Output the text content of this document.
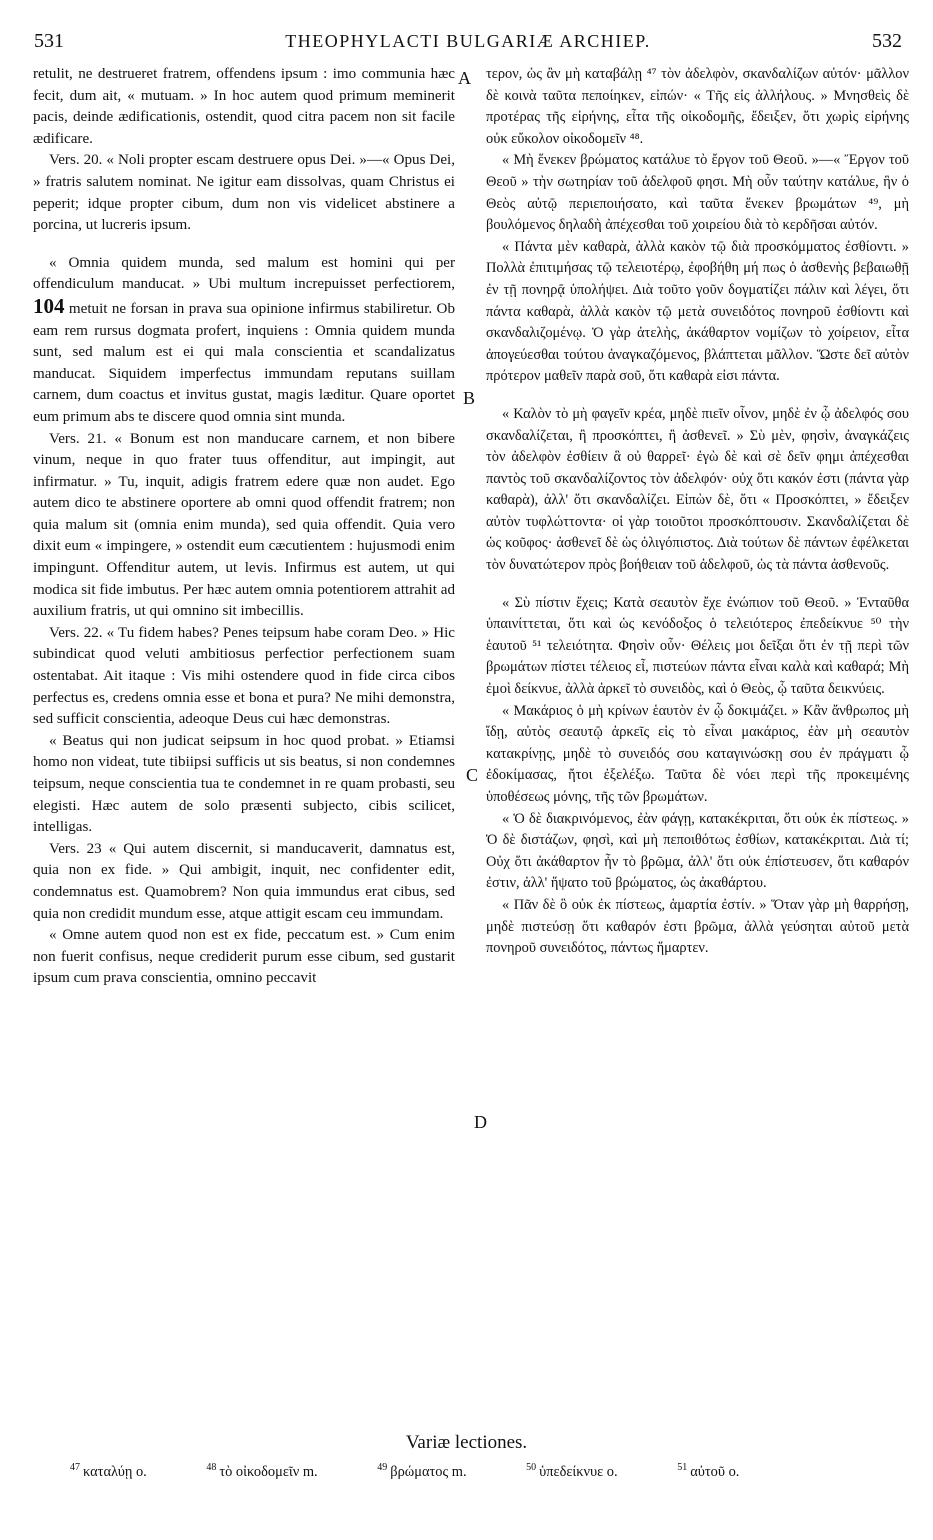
531	THEOPHYLACTI BULGARIÆ ARCHIEP.	532

retulit, ne destrueret fratrem, offendens ipsum : imo communia hæc fecit, dum ait, « mutuam. » In hoc autem quod primum meminerit pacis, deinde ædificationis, ostendit, quod citra pacem non sit facile ædificare.

Vers. 20. « Noli propter escam destruere opus Dei. »—« Opus Dei, » fratris salutem nominat. Ne igitur eam dissolvas, quam Christus ei peperit; idque propter cibum, dum non vis videlicet abstinere a porcina, ut lucreris ipsum.

« Omnia quidem munda, sed malum est homini qui per offendiculum manducat. » Ubi multum increpuisset perfectiorem, 104 metuit ne forsan in prava sua opinione infirmus stabiliretur. Ob eam rem rursus dogmata profert, inquiens : Omnia quidem munda sunt, sed malum est ei qui mala conscientia et scandalizatus manducat. Siquidem imperfectus immundam reputans suillam carnem, dum coactus et invitus gustat, magis læditur. Quare oportet eum primum abs te discere quod omnia sint munda.

Vers. 21. « Bonum est non manducare carnem, et non bibere vinum, neque in quo frater tuus offenditur, aut impingit, aut infirmatur. » Tu, inquit, adigis fratrem edere quæ non audet. Ego autem dico te abstinere oportere ab omni quod offendit fratrem; non quia malum sit (omnia enim munda), sed quia offendit. Quia vero dixit eum « impingere, » ostendit eum cæcutientem : hujusmodi enim impingunt. Offenditur autem, ut levis. Infirmus est autem, ut qui modica sit fide imbutus. Per hæc autem omnia potentiorem attrahit ad auxilium fratris, ut qui omnino sit imbecillis.

Vers. 22. « Tu fidem habes? Penes teipsum habe coram Deo. » Hic subindicat quod veluti ambitiosus perfectior perfectionem suam ostentabat. Ait itaque : Vis mihi ostendere quod in fide circa cibos perfectus es, credens omnia esse et bona et pura? Ne mihi demonstra, sed sufficit conscientia, adeoque Deus cui hæc demonstras.

« Beatus qui non judicat seipsum in hoc quod probat. » Etiamsi homo non videat, tute tibiipsi sufficis ut sis beatus, si non condemnes teipsum, neque conscientia tua te condemnet in re quam probasti, seu elegisti. Hæc autem de solo præsenti subjecto, cibis scilicet, intelligas.

Vers. 23 « Qui autem discernit, si manducaverit, damnatus est, quia non ex fide. » Qui ambigit, inquit, nec confidenter edit, condemnatus est. Quamobrem? Non quia immundus erat cibus, sed quia non credidit mundum esse, atque attigit escam ceu immundam.

« Omne autem quod non est ex fide, peccatum est. » Cum enim non fuerit confisus, neque crediderit purum esse cibum, sed gustarit ipsum cum prava conscientia, omnino peccavit

A
B
C
D

τερον, ὡς ἂν μὴ καταβάλῃ ⁴⁷ τὸν ἀδελφὸν, σκανδαλίζων αὐτόν· μᾶλλον δὲ κοινὰ ταῦτα πεποίηκεν, εἰπών· « Τῆς εἰς ἀλλήλους. » Μνησθεὶς δὲ προτέρας τῆς εἰρήνης, εἶτα τῆς οἰκοδομῆς, ἔδειξεν, ὅτι χωρὶς εἰρήνης οὐκ εὔκολον οἰκοδομεῖν ⁴⁸.

« Μὴ ἕνεκεν βρώματος κατάλυε τὸ ἔργον τοῦ Θεοῦ. »—« Ἔργον τοῦ Θεοῦ » τὴν σωτηρίαν τοῦ ἀδελφοῦ φησι. Μὴ οὖν ταύτην κατάλυε, ἣν ὁ Θεὸς αὐτῷ περιεποιήσατο, καὶ ταῦτα ἕνεκεν βρωμάτων ⁴⁹, μὴ βουλόμενος δηλαδὴ ἀπέχεσθαι τοῦ χοιρείου διὰ τὸ κερδῆσαι αὐτόν.

« Πάντα μὲν καθαρὰ, ἀλλὰ κακὸν τῷ διὰ προσκόμματος ἐσθίοντι. » Πολλὰ ἐπιτιμήσας τῷ τελειοτέρῳ, ἐφοβήθη μή πως ὁ ἀσθενὴς βεβαιωθῇ ἐν τῇ πονηρᾷ ὑπολήψει. Διὰ τοῦτο γοῦν δογματίζει πάλιν καὶ λέγει, ὅτι πάντα καθαρὰ, ἀλλὰ κακὸν τῷ μετὰ συνειδότος πονηροῦ ἐσθίοντι καὶ σκανδαλιζομένῳ. Ὁ γὰρ ἀτελὴς, ἀκάθαρτον νομίζων τὸ χοίρειον, εἶτα ἀπογεύεσθαι τούτου ἀναγκαζόμενος, βλάπτεται μᾶλλον. Ὥστε δεῖ αὐτὸν πρότερον μαθεῖν παρὰ σοῦ, ὅτι καθαρὰ εἰσι πάντα.

« Καλὸν τὸ μὴ φαγεῖν κρέα, μηδὲ πιεῖν οἶνον, μηδὲ ἐν ᾧ ἀδελφός σου σκανδαλίζεται, ἢ προσκόπτει, ἢ ἀσθενεῖ. » Σὺ μὲν, φησὶν, ἀναγκάζεις τὸν ἀδελφὸν ἐσθίειν ἃ οὐ θαρρεῖ· ἐγὼ δὲ καὶ σὲ δεῖν φημι ἀπέχεσθαι παντὸς τοῦ σκανδαλίζοντος τὸν ἀδελφόν· οὐχ ὅτι κακόν ἐστι (πάντα γὰρ καθαρὰ), ἀλλ' ὅτι σκανδαλίζει. Εἰπὼν δὲ, ὅτι « Προσκόπτει, » ἔδειξεν αὐτὸν τυφλώττοντα· οἱ γὰρ τοιοῦτοι προσκόπτουσιν. Σκανδαλίζεται δὲ ὡς κοῦφος· ἀσθενεῖ δὲ ὡς ὀλιγόπιστος. Διὰ τούτων δὲ πάντων ἐφέλκεται τὸν δυνατώτερον πρὸς βοήθειαν τοῦ ἀδελφοῦ, ὡς τὰ πάντα ἀσθενοῦς.

« Σὺ πίστιν ἔχεις; Κατὰ σεαυτὸν ἔχε ἐνώπιον τοῦ Θεοῦ. » Ἐνταῦθα ὑπαινίττεται, ὅτι καὶ ὡς κενόδοξος ὁ τελειότερος ἐπεδείκνυε ⁵⁰ τὴν ἑαυτοῦ ⁵¹ τελειότητα. Φησὶν οὖν· Θέλεις μοι δεῖξαι ὅτι ἐν τῇ περὶ τῶν βρωμάτων πίστει τέλειος εἶ, πιστεύων πάντα εἶναι καλὰ καὶ καθαρά; Μὴ ἐμοὶ δείκνυε, ἀλλὰ ἀρκεῖ τὸ συνειδὸς, καὶ ὁ Θεὸς, ᾧ ταῦτα δεικνύεις.

« Μακάριος ὁ μὴ κρίνων ἑαυτὸν ἐν ᾧ δοκιμάζει. » Κἂν ἄνθρωπος μὴ ἴδῃ, αὐτὸς σεαυτῷ ἀρκεῖς εἰς τὸ εἶναι μακάριος, ἐὰν μὴ σεαυτὸν κατακρίνῃς, μηδὲ τὸ συνειδός σου καταγινώσκῃ σου ἐν πράγματι ᾧ ἐδοκίμασας, ἤτοι ἐξελέξω. Ταῦτα δὲ νόει περὶ τῆς προκειμένης ὑποθέσεως μόνης, τῆς τῶν βρωμάτων.

« Ὁ δὲ διακρινόμενος, ἐὰν φάγῃ, κατακέκριται, ὅτι οὐκ ἐκ πίστεως. » Ὁ δὲ διστάζων, φησὶ, καὶ μὴ πεποιθότως ἐσθίων, κατακέκριται. Διὰ τί; Οὐχ ὅτι ἀκάθαρτον ἦν τὸ βρῶμα, ἀλλ' ὅτι οὐκ ἐπίστευσεν, ὅτι καθαρόν ἐστιν, ἀλλ' ἥψατο τοῦ βρώματος, ὡς ἀκαθάρτου.

« Πᾶν δὲ ὃ οὐκ ἐκ πίστεως, ἁμαρτία ἐστίν. » Ὅταν γὰρ μὴ θαρρήσῃ, μηδὲ πιστεύσῃ ὅτι καθαρόν ἐστι βρῶμα, ἀλλὰ γεύσηται αὐτοῦ μετὰ πονηροῦ συνειδότος, πάντως ἥμαρτεν.

Variæ lectiones.
$^{47}$ καταλύῃ ο.	$^{48}$ τὸ οἰκοδομεῖν m.	$^{49}$ βρώματος m.	$^{50}$ ὑπεδείκνυε ο.	$^{51}$ αὐτοῦ ο.
